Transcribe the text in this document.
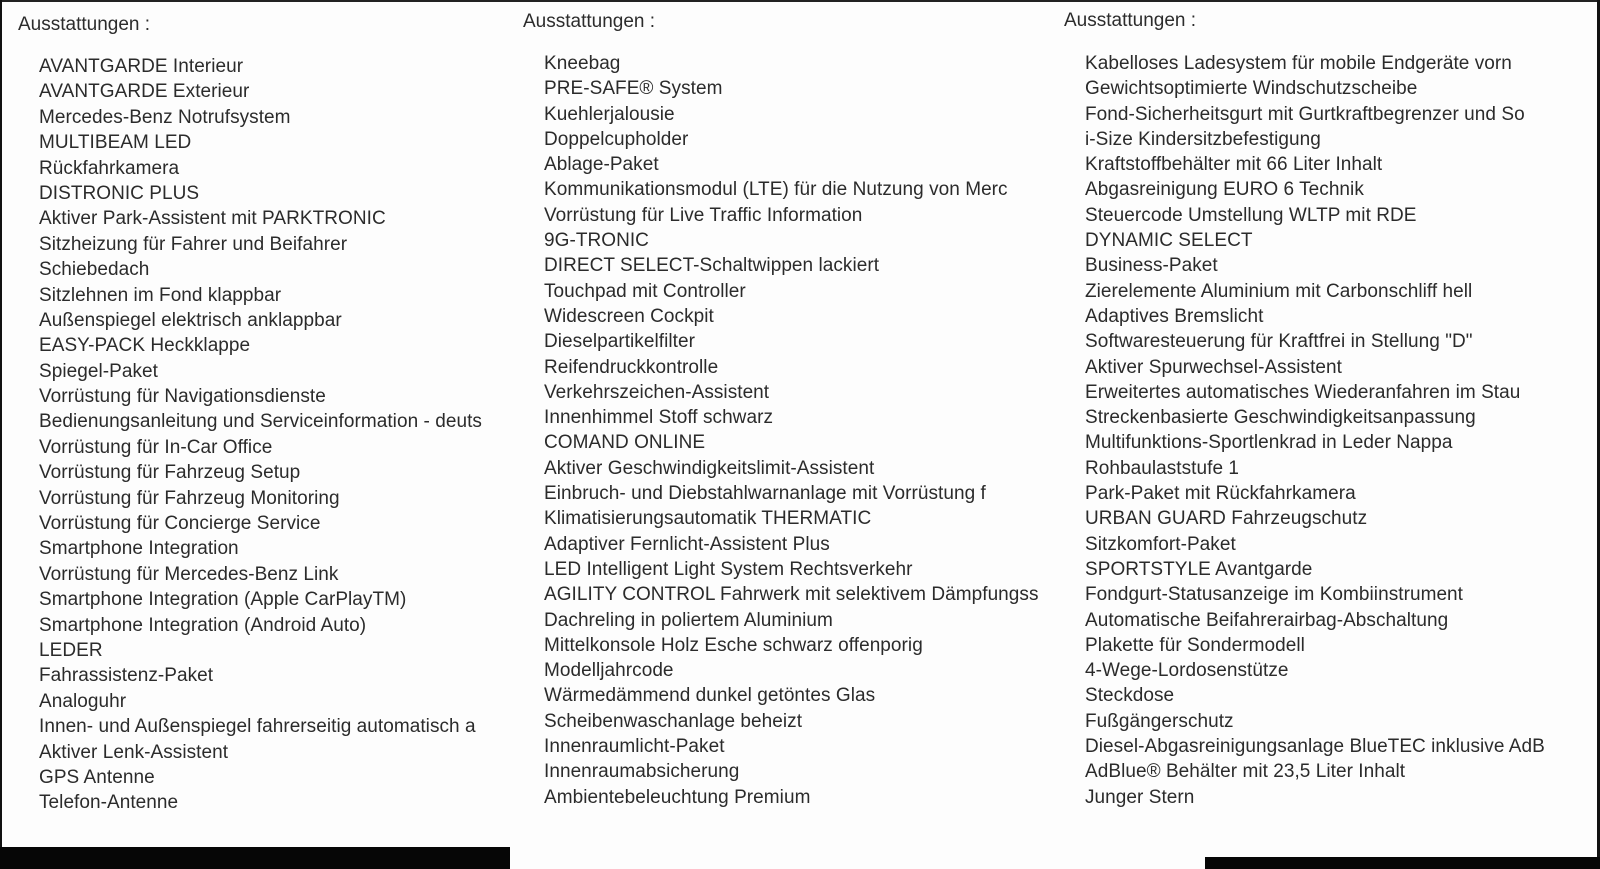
Ausstattungen :
AVANTGARDE Interieur
AVANTGARDE Exterieur
Mercedes-Benz Notrufsystem
MULTIBEAM LED
Rückfahrkamera
DISTRONIC PLUS
Aktiver Park-Assistent mit PARKTRONIC
Sitzheizung für Fahrer und Beifahrer
Schiebedach
Sitzlehnen im Fond klappbar
Außenspiegel elektrisch anklappbar
EASY-PACK Heckklappe
Spiegel-Paket
Vorrüstung für Navigationsdienste
Bedienungsanleitung und Serviceinformation - deuts
Vorrüstung für In-Car Office
Vorrüstung für Fahrzeug Setup
Vorrüstung für Fahrzeug Monitoring
Vorrüstung für Concierge Service
Smartphone Integration
Vorrüstung für Mercedes-Benz Link
Smartphone Integration (Apple CarPlayTM)
Smartphone Integration (Android Auto)
LEDER
Fahrassistenz-Paket
Analoguhr
Innen- und Außenspiegel fahrerseitig automatisch a
Aktiver Lenk-Assistent
GPS Antenne
Telefon-Antenne
Ausstattungen :
Kneebag
PRE-SAFE® System
Kuehlerjalousie
Doppelcupholder
Ablage-Paket
Kommunikationsmodul (LTE) für die Nutzung von Merc
Vorrüstung für Live Traffic Information
9G-TRONIC
DIRECT SELECT-Schaltwippen lackiert
Touchpad mit Controller
Widescreen Cockpit
Dieselpartikelfilter
Reifendruckkontrolle
Verkehrszeichen-Assistent
Innenhimmel Stoff schwarz
COMAND ONLINE
Aktiver Geschwindigkeitslimit-Assistent
Einbruch- und Diebstahlwarnanlage mit Vorrüstung f
Klimatisierungsautomatik THERMATIC
Adaptiver Fernlicht-Assistent Plus
LED Intelligent Light System Rechtsverkehr
AGILITY CONTROL Fahrwerk mit selektivem Dämpfungss
Dachreling in poliertem Aluminium
Mittelkonsole Holz Esche schwarz offenporig
Modelljahrcode
Wärmedämmend dunkel getöntes Glas
Scheibenwaschanlage beheizt
Innenraumlicht-Paket
Innenraumabsicherung
Ambientebeleuchtung Premium
Ausstattungen :
Kabelloses Ladesystem für mobile Endgeräte vorn
Gewichtsoptimierte Windschutzscheibe
Fond-Sicherheitsgurt mit Gurtkraftbegrenzer und So
i-Size Kindersitzbefestigung
Kraftstoffbehälter mit 66 Liter Inhalt
Abgasreinigung EURO 6 Technik
Steuercode Umstellung WLTP mit RDE
DYNAMIC SELECT
Business-Paket
Zierelemente Aluminium mit Carbonschliff hell
Adaptives Bremslicht
Softwaresteuerung für Kraftfrei in Stellung "D"
Aktiver Spurwechsel-Assistent
Erweitertes automatisches Wiederanfahren im Stau
Streckenbasierte Geschwindigkeitsanpassung
Multifunktions-Sportlenkrad in Leder Nappa
Rohbaulaststufe 1
Park-Paket mit Rückfahrkamera
URBAN GUARD Fahrzeugschutz
Sitzkomfort-Paket
SPORTSTYLE Avantgarde
Fondgurt-Statusanzeige im Kombiinstrument
Automatische Beifahrerairbag-Abschaltung
Plakette für Sondermodell
4-Wege-Lordosenstütze
Steckdose
Fußgängerschutz
Diesel-Abgasreinigungsanlage BlueTEC inklusive AdB
AdBlue® Behälter mit 23,5 Liter Inhalt
Junger Stern
